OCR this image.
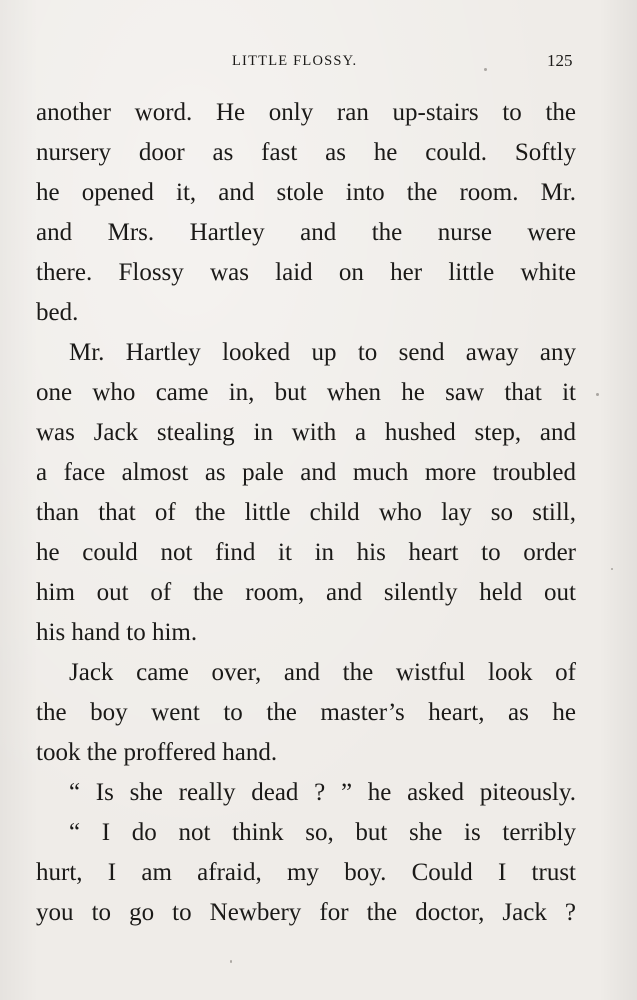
LITTLE FLOSSY.	125
another word. He only ran up-stairs to the
nursery door as fast as he could. Softly
he opened it, and stole into the room. Mr.
and Mrs. Hartley and the nurse were
there. Flossy was laid on her little white
bed.
Mr. Hartley looked up to send away any
one who came in, but when he saw that it
was Jack stealing in with a hushed step, and
a face almost as pale and much more troubled
than that of the little child who lay so still,
he could not find it in his heart to order
him out of the room, and silently held out
his hand to him.
Jack came over, and the wistful look of
the boy went to the master’s heart, as he
took the proffered hand.
“ Is she really dead ? ” he asked piteously.
“ I do not think so, but she is terribly
hurt, I am afraid, my boy. Could I trust
you to go to Newbery for the doctor, Jack ?
